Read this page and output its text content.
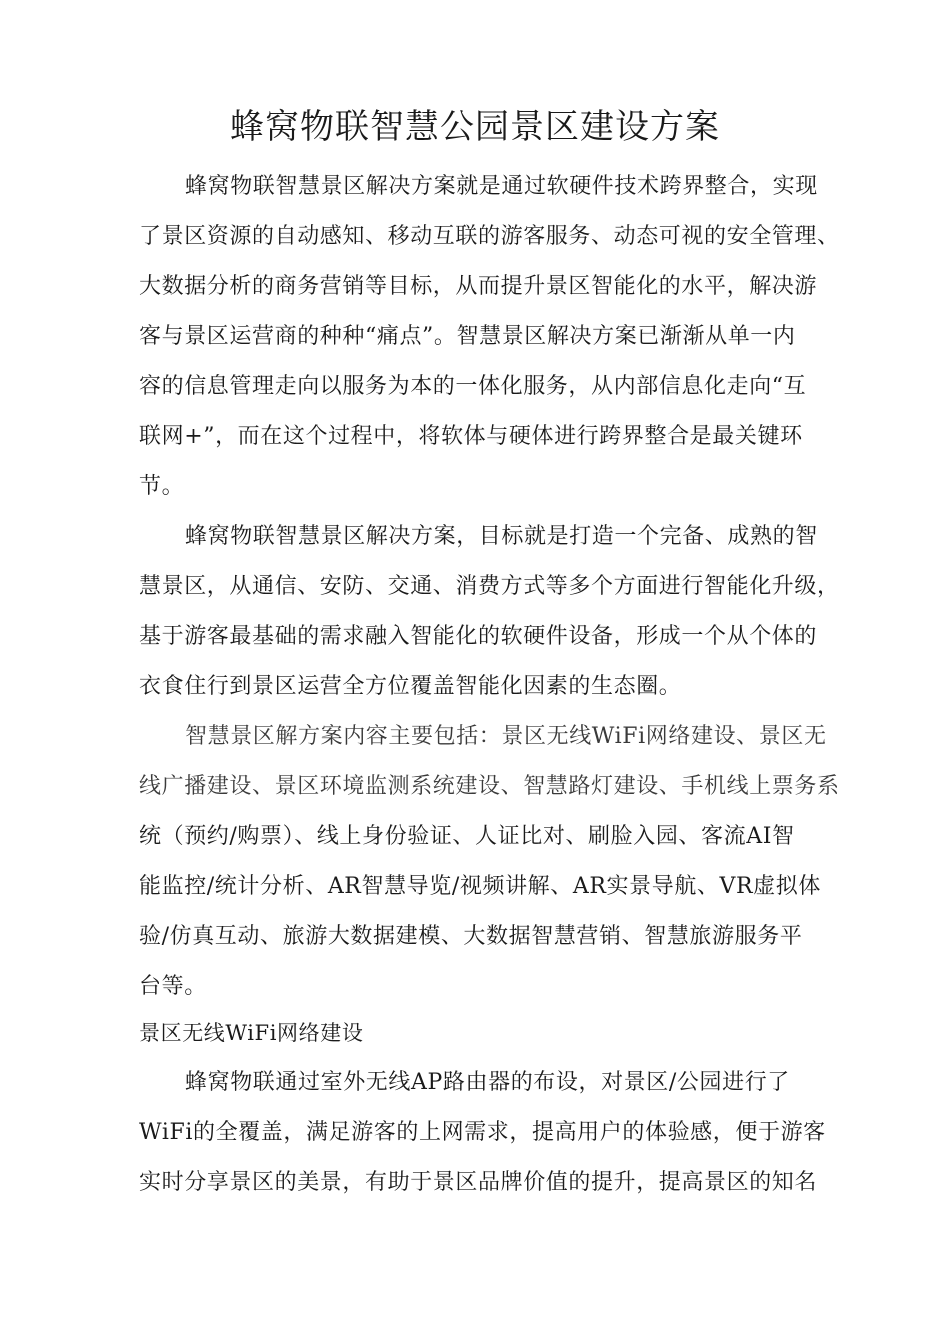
蜂窝物联智慧公园景区建设方案

蜂窝物联智慧景区解决方案就是通过软硬件技术跨界整合，实现

了景区资源的自动感知、移动互联的游客服务、动态可视的安全管理、

大数据分析的商务营销等目标，从而提升景区智能化的水平，解决游

客与景区运营商的种种“痛点”。智慧景区解决方案已渐渐从单一内

容的信息管理走向以服务为本的一体化服务，从内部信息化走向“互

联网+”，而在这个过程中，将软体与硬体进行跨界整合是最关键环

节。

蜂窝物联智慧景区解决方案，目标就是打造一个完备、成熟的智

慧景区，从通信、安防、交通、消费方式等多个方面进行智能化升级，

基于游客最基础的需求融入智能化的软硬件设备，形成一个从个体的

衣食住行到景区运营全方位覆盖智能化因素的生态圈。

智慧景区解方案内容主要包括：景区无线WiFi网络建设、景区无

线广播建设、景区环境监测系统建设、智慧路灯建设、手机线上票务系

统（预约/购票）、线上身份验证、人证比对、刷脸入园、客流AI智

能监控/统计分析、AR智慧导览/视频讲解、AR实景导航、VR虚拟体

验/仿真互动、旅游大数据建模、大数据智慧营销、智慧旅游服务平

台等。

景区无线WiFi网络建设

蜂窝物联通过室外无线AP路由器的布设，对景区/公园进行了

WiFi的全覆盖，满足游客的上网需求，提高用户的体验感，便于游客

实时分享景区的美景，有助于景区品牌价值的提升，提高景区的知名
